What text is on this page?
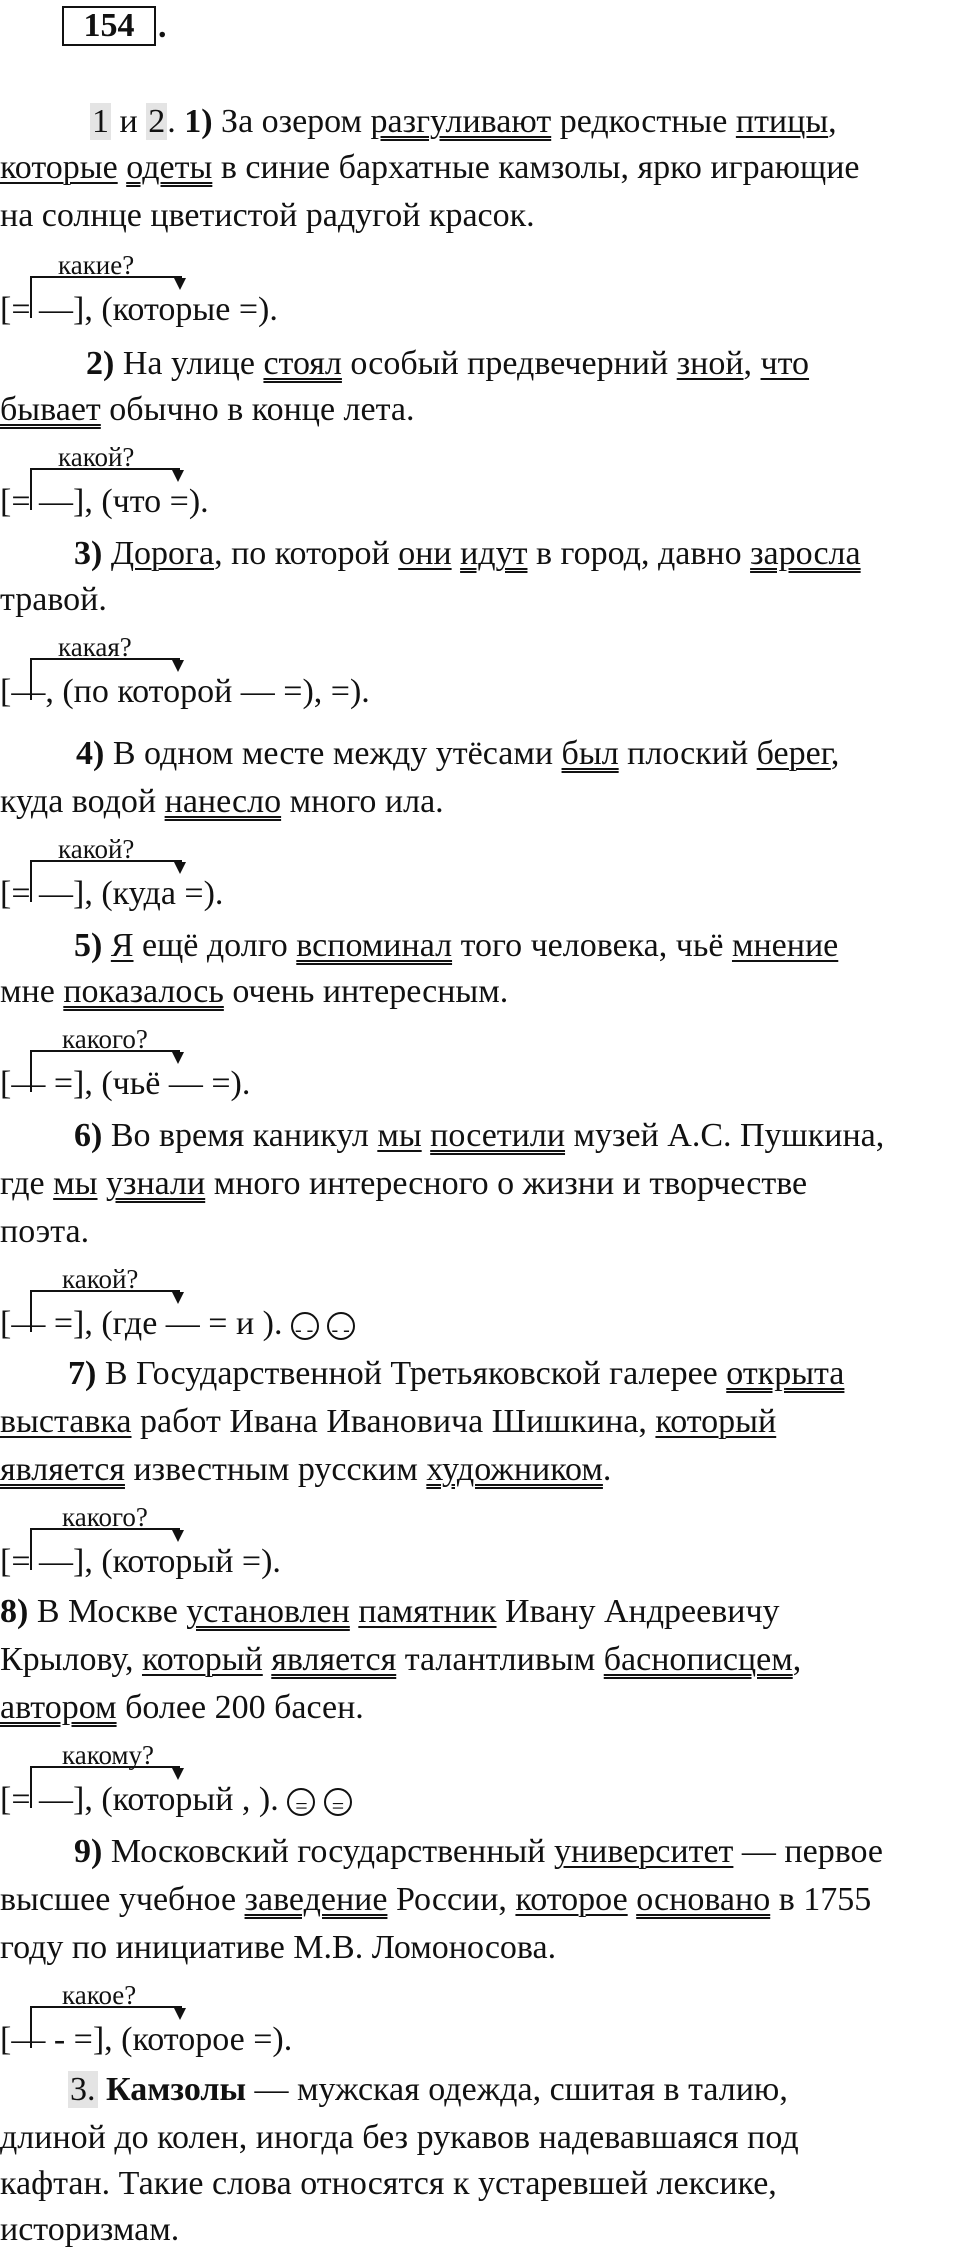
154 .
1 и 2. 1) За озером разгуливают редкостные птицы,
которые одеты в синие бархатные камзолы, ярко играющие
на солнце цветистой радугой красок.
какие?
[= —], (которые =).
2) На улице стоял особый предвечерний зной, что
бывает обычно в конце лета.
какой?
[= —], (что =).
3) Дорога, по которой они идут в город, давно заросла
травой.
какая?
[—, (по которой — =), =).
4) В одном месте между утёсами был плоский берег,
куда водой нанесло много ила.
какой?
[= —], (куда =).
5) Я ещё долго вспоминал того человека, чьё мнение
мне показалось очень интересным.
какого?
[— =], (чьё — =).
6) Во время каникул мы посетили музей А.С. Пушкина,
где мы узнали много интересного о жизни и творчестве
поэта.
какой?
[— =], (где — = и ). - - - -
7) В Государственной Третьяковской галерее открыта
выставка работ Ивана Ивановича Шишкина, который
является известным русским художником.
какого?
[= —], (который =).
8) В Москве установлен памятник Ивану Андреевичу
Крылову, который является талантливым баснописцем,
автором более 200 басен.
какому?
[= —], (который , ). = =
9) Московский государственный университет — первое
высшее учебное заведение России, которое основано в 1755
году по инициативе М.В. Ломоносова.
какое?
[— - =], (которое =).
3. Камзолы — мужская одежда, сшитая в талию,
длиной до колен, иногда без рукавов надевавшаяся под
кафтан. Такие слова относятся к устаревшей лексике,
историзмам.
